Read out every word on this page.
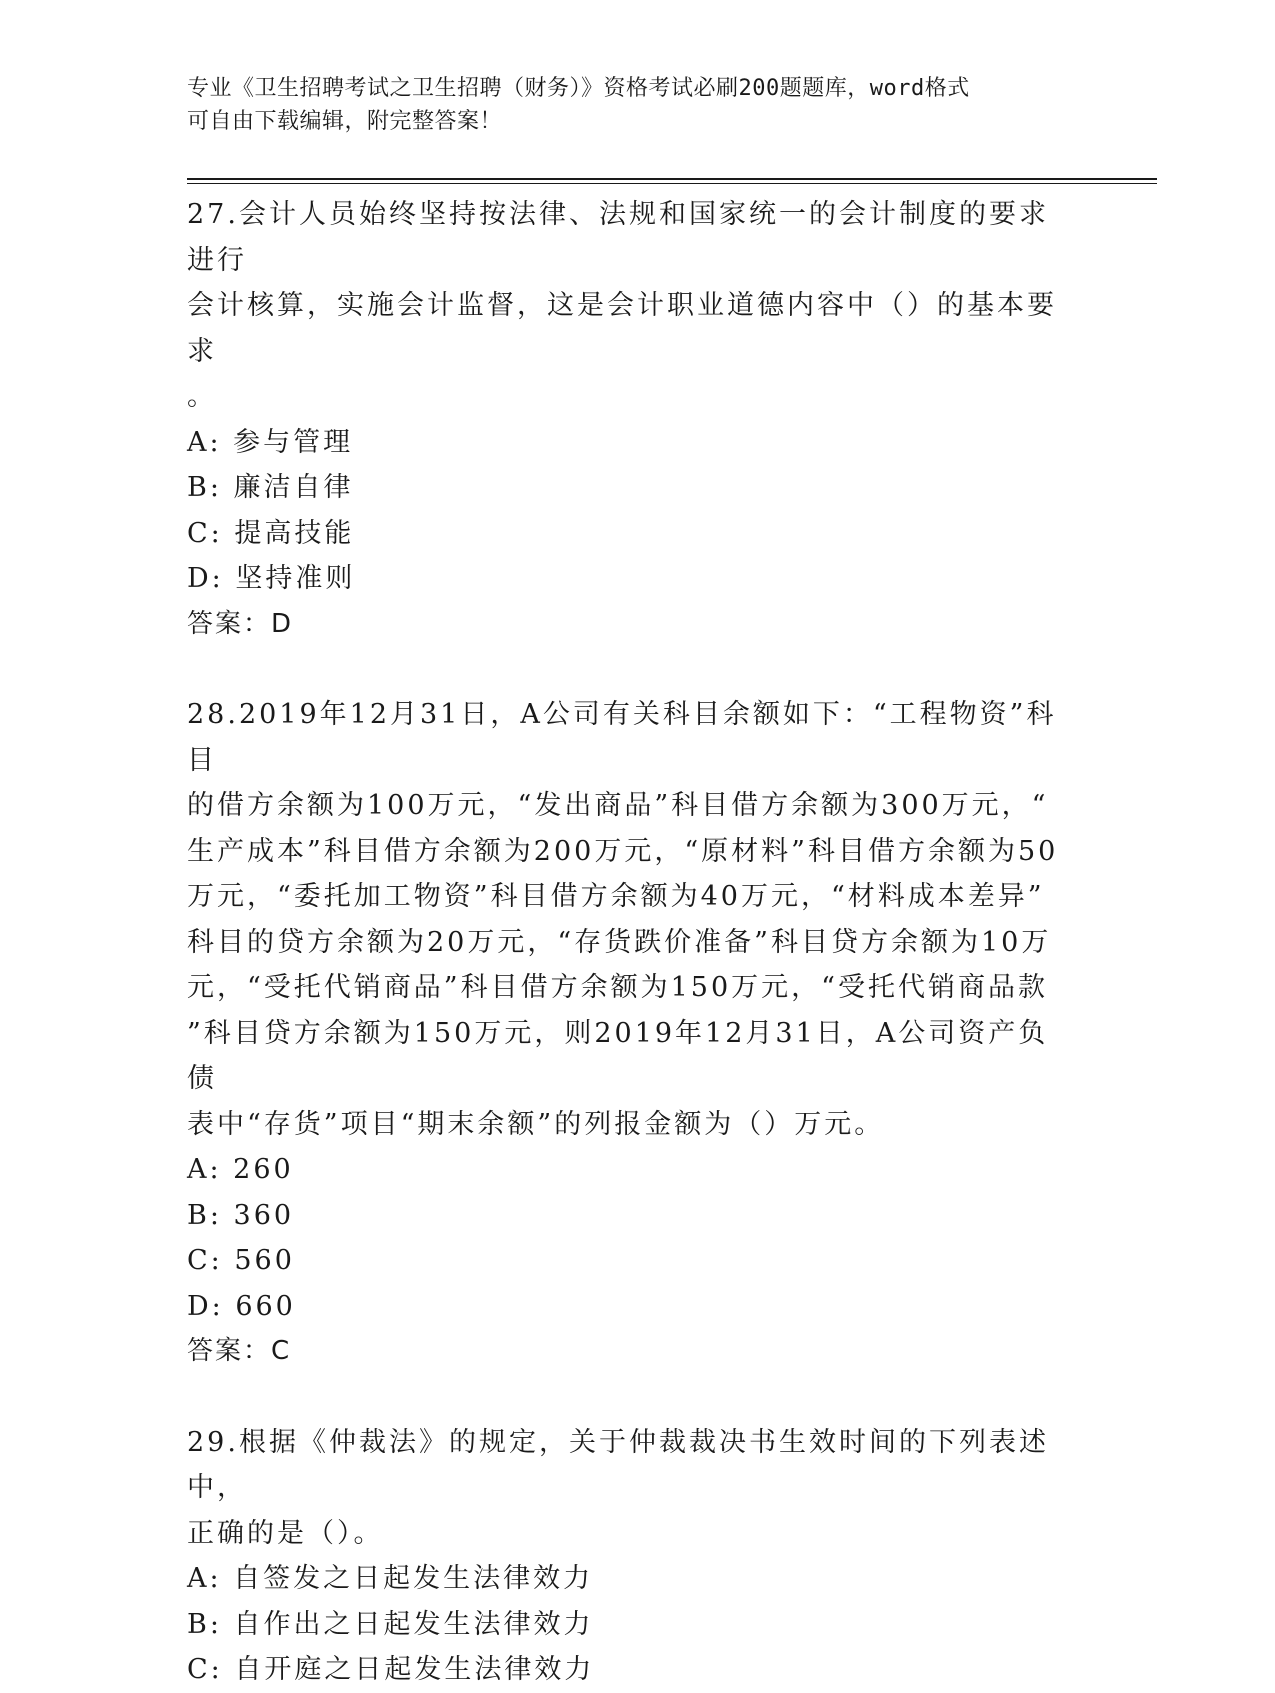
专业《卫生招聘考试之卫生招聘（财务）》资格考试必刷200题题库，word格式
可自由下载编辑，附完整答案！
27.会计人员始终坚持按法律、法规和国家统一的会计制度的要求进行
会计核算，实施会计监督，这是会计职业道德内容中（）的基本要求
。
A: 参与管理
B: 廉洁自律
C: 提高技能
D: 坚持准则
答案：D
28.2019年12月31日，A公司有关科目余额如下：“工程物资”科目
的借方余额为100万元，“发出商品”科目借方余额为300万元，“
生产成本”科目借方余额为200万元，“原材料”科目借方余额为50
万元，“委托加工物资”科目借方余额为40万元，“材料成本差异”
科目的贷方余额为20万元，“存货跌价准备”科目贷方余额为10万
元，“受托代销商品”科目借方余额为150万元，“受托代销商品款
”科目贷方余额为150万元，则2019年12月31日，A公司资产负债
表中“存货”项目“期末余额”的列报金额为（）万元。
A: 260
B: 360
C: 560
D: 660
答案：C
29.根据《仲裁法》的规定，关于仲裁裁决书生效时间的下列表述中，
正确的是（）。
A: 自签发之日起发生法律效力
B: 自作出之日起发生法律效力
C: 自开庭之日起发生法律效力
